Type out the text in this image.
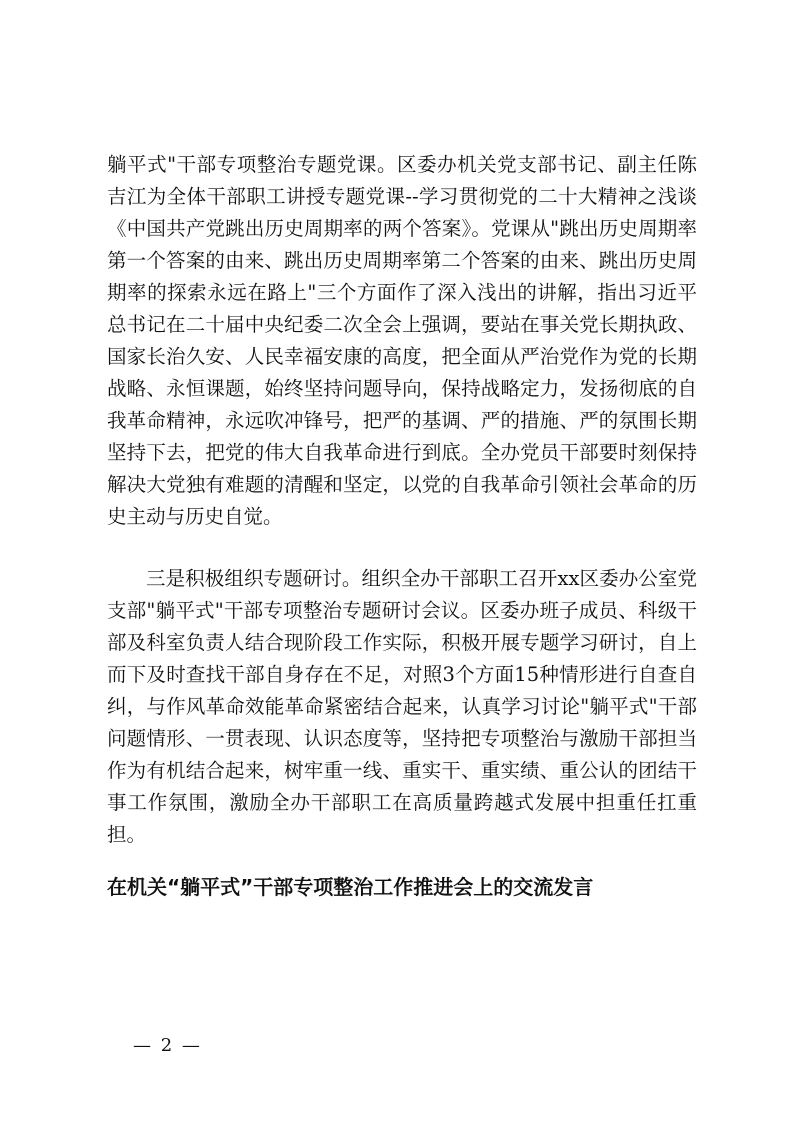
躺平式"干部专项整治专题党课。区委办机关党支部书记、副主任陈吉江为全体干部职工讲授专题党课--学习贯彻党的二十大精神之浅谈《中国共产党跳出历史周期率的两个答案》。党课从"跳出历史周期率第一个答案的由来、跳出历史周期率第二个答案的由来、跳出历史周期率的探索永远在路上"三个方面作了深入浅出的讲解，指出习近平总书记在二十届中央纪委二次全会上强调，要站在事关党长期执政、国家长治久安、人民幸福安康的高度，把全面从严治党作为党的长期战略、永恒课题，始终坚持问题导向，保持战略定力，发扬彻底的自我革命精神，永远吹冲锋号，把严的基调、严的措施、严的氛围长期坚持下去，把党的伟大自我革命进行到底。全办党员干部要时刻保持解决大党独有难题的清醒和坚定，以党的自我革命引领社会革命的历史主动与历史自觉。

三是积极组织专题研讨。组织全办干部职工召开xx区委办公室党支部"躺平式"干部专项整治专题研讨会议。区委办班子成员、科级干部及科室负责人结合现阶段工作实际，积极开展专题学习研讨，自上而下及时查找干部自身存在不足，对照3个方面15种情形进行自查自纠，与作风革命效能革命紧密结合起来，认真学习讨论"躺平式"干部问题情形、一贯表现、认识态度等，坚持把专项整治与激励干部担当作为有机结合起来，树牢重一线、重实干、重实绩、重公认的团结干事工作氛围，激励全办干部职工在高质量跨越式发展中担重任扛重担。

在机关“躺平式”干部专项整治工作推进会上的交流发言
— 2 —
